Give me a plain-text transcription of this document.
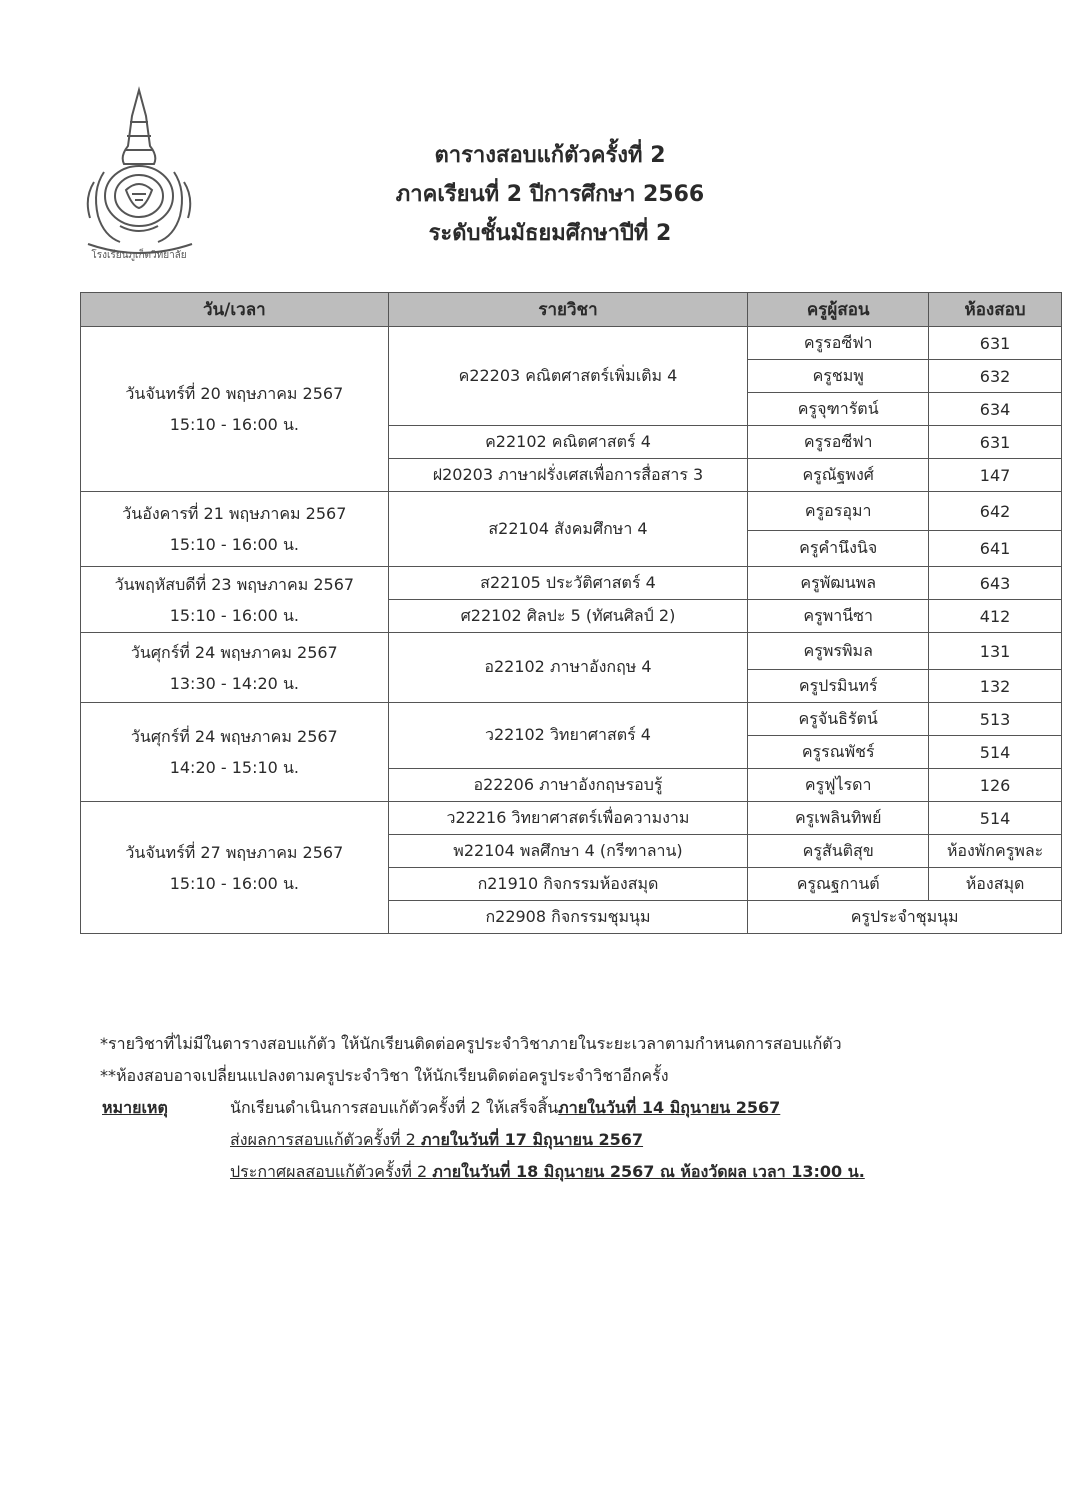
โรงเรียนภูเก็ตวิทยาลัย
ตารางสอบแก้ตัวครั้งที่ 2
ภาคเรียนที่ 2 ปีการศึกษา 2566
ระดับชั้นมัธยมศึกษาปีที่ 2
วัน/เวลา	รายวิชา	ครูผู้สอน	ห้องสอบ

วันจันทร์ที่ 20 พฤษภาคม 2567
15:10 - 16:00 น.	ค22203 คณิตศาสตร์เพิ่มเติม 4	ครูรอซีฟา	631
		ครูชมพู	632
		ครูจุฑารัตน์	634
	ค22102 คณิตศาสตร์ 4	ครูรอซีฟา	631
	ฝ20203 ภาษาฝรั่งเศสเพื่อการสื่อสาร 3	ครูณัฐพงศ์	147

วันอังคารที่ 21 พฤษภาคม 2567
15:10 - 16:00 น.	ส22104 สังคมศึกษา 4	ครูอรอุมา	642
		ครูคำนึงนิจ	641

วันพฤหัสบดีที่ 23 พฤษภาคม 2567
15:10 - 16:00 น.	ส22105 ประวัติศาสตร์ 4	ครูพัฒนพล	643
	ศ22102 ศิลปะ 5 (ทัศนศิลป์ 2)	ครูพานีซา	412

วันศุกร์ที่ 24 พฤษภาคม 2567
13:30 - 14:20 น.	อ22102 ภาษาอังกฤษ 4	ครูพรพิมล	131
		ครูปรมินทร์	132

วันศุกร์ที่ 24 พฤษภาคม 2567
14:20 - 15:10 น.	ว22102 วิทยาศาสตร์ 4	ครูจันธิรัตน์	513
		ครูรณพัชร์	514
	อ22206 ภาษาอังกฤษรอบรู้	ครูฟูไรดา	126

วันจันทร์ที่ 27 พฤษภาคม 2567
15:10 - 16:00 น.	ว22216 วิทยาศาสตร์เพื่อความงาม	ครูเพลินทิพย์	514
	พ22104 พลศึกษา 4 (กรีฑาลาน)	ครูสันติสุข	ห้องพักครูพละ
	ก21910 กิจกรรมห้องสมุด	ครูณฐกานต์	ห้องสมุด
	ก22908 กิจกรรมชุมนุม	ครูประจำชุมนุม	
*รายวิชาที่ไม่มีในตารางสอบแก้ตัว ให้นักเรียนติดต่อครูประจำวิชาภายในระยะเวลาตามกำหนดการสอบแก้ตัว
**ห้องสอบอาจเปลี่ยนแปลงตามครูประจำวิชา ให้นักเรียนติดต่อครูประจำวิชาอีกครั้ง
หมายเหตุ	นักเรียนดำเนินการสอบแก้ตัวครั้งที่ 2 ให้เสร็จสิ้นภายในวันที่ 14 มิถุนายน 2567
ส่งผลการสอบแก้ตัวครั้งที่ 2 ภายในวันที่ 17 มิถุนายน 2567
ประกาศผลสอบแก้ตัวครั้งที่ 2 ภายในวันที่ 18 มิถุนายน 2567 ณ ห้องวัดผล เวลา 13:00 น.
